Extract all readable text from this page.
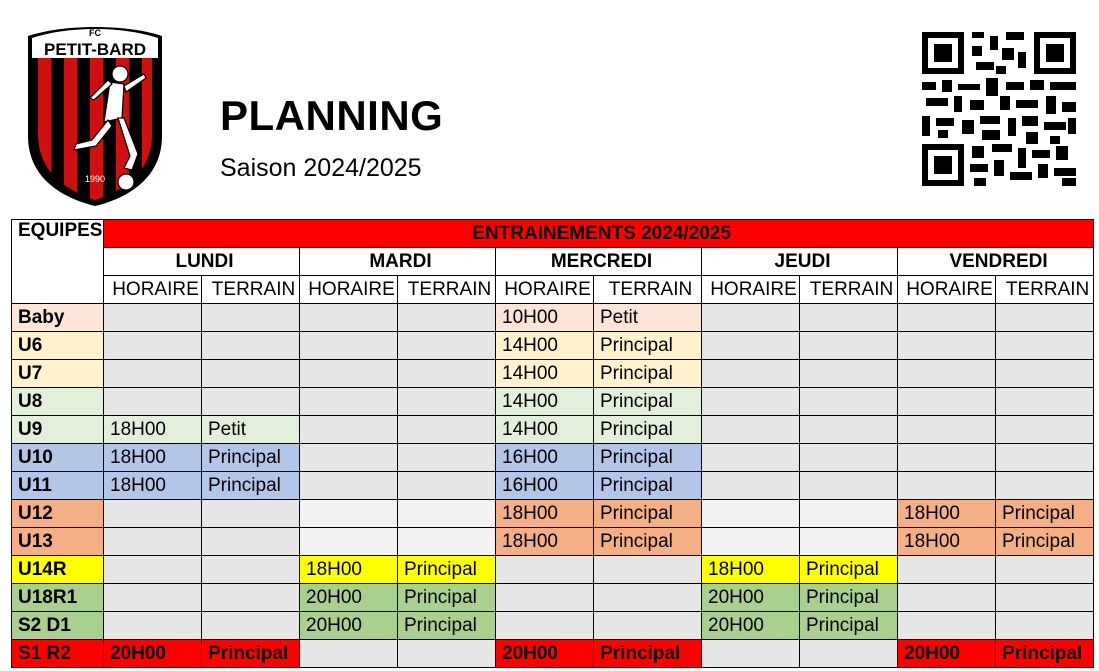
FC
PETIT-BARD
1990
PLANNING
Saison 2024/2025
EQUIPES	ENTRAINEMENTS 2024/2025									
	LUNDI		MARDI		MERCREDI		JEUDI		VENDREDI	
	HORAIRE	TERRAIN	HORAIRE	TERRAIN	HORAIRE	TERRAIN	HORAIRE	TERRAIN	HORAIRE	TERRAIN
Baby					10H00	Petit				
U6					14H00	Principal				
U7					14H00	Principal				
U8					14H00	Principal				
U9	18H00	Petit			14H00	Principal				
U10	18H00	Principal			16H00	Principal				
U11	18H00	Principal			16H00	Principal				
U12					18H00	Principal			18H00	Principal
U13					18H00	Principal			18H00	Principal
U14R			18H00	Principal			18H00	Principal		
U18R1			20H00	Principal			20H00	Principal		
S2 D1			20H00	Principal			20H00	Principal		
S1 R2	20H00	Principal			20H00	Principal			20H00	Principal
